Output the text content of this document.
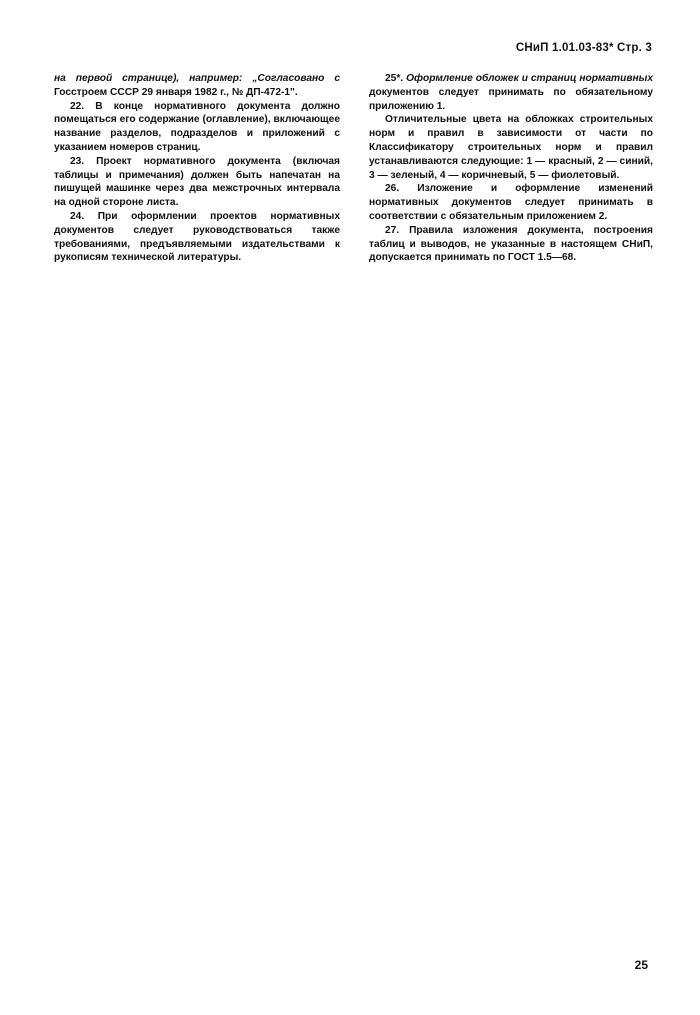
СНиП 1.01.03-83* Стр. 3

на первой странице), например: „Согласовано с Госстроем СССР 29 января 1982 г., № ДП-472-1".

22. В конце нормативного документа должно помещаться его содержание (оглавление), включающее название разделов, подразделов и приложений с указанием номеров страниц.

23. Проект нормативного документа (включая таблицы и примечания) должен быть напечатан на пишущей машинке через два межстрочных интервала на одной стороне листа.

24. При оформлении проектов нормативных документов следует руководствоваться также требованиями, предъявляемыми издательствами к рукописям технической литературы.

25*. Оформление обложек и страниц нормативных документов следует принимать по обязательному приложению 1.

Отличительные цвета на обложках строительных норм и правил в зависимости от части по Классификатору строительных норм и правил устанавливаются следующие: 1 — красный, 2 — синий, 3 — зеленый, 4 — коричневый, 5 — фиолетовый.

26. Изложение и оформление изменений нормативных документов следует принимать в соответствии с обязательным приложением 2.

27. Правила изложения документа, построения таблиц и выводов, не указанные в настоящем СНиП, допускается принимать по ГОСТ 1.5—68.

25
